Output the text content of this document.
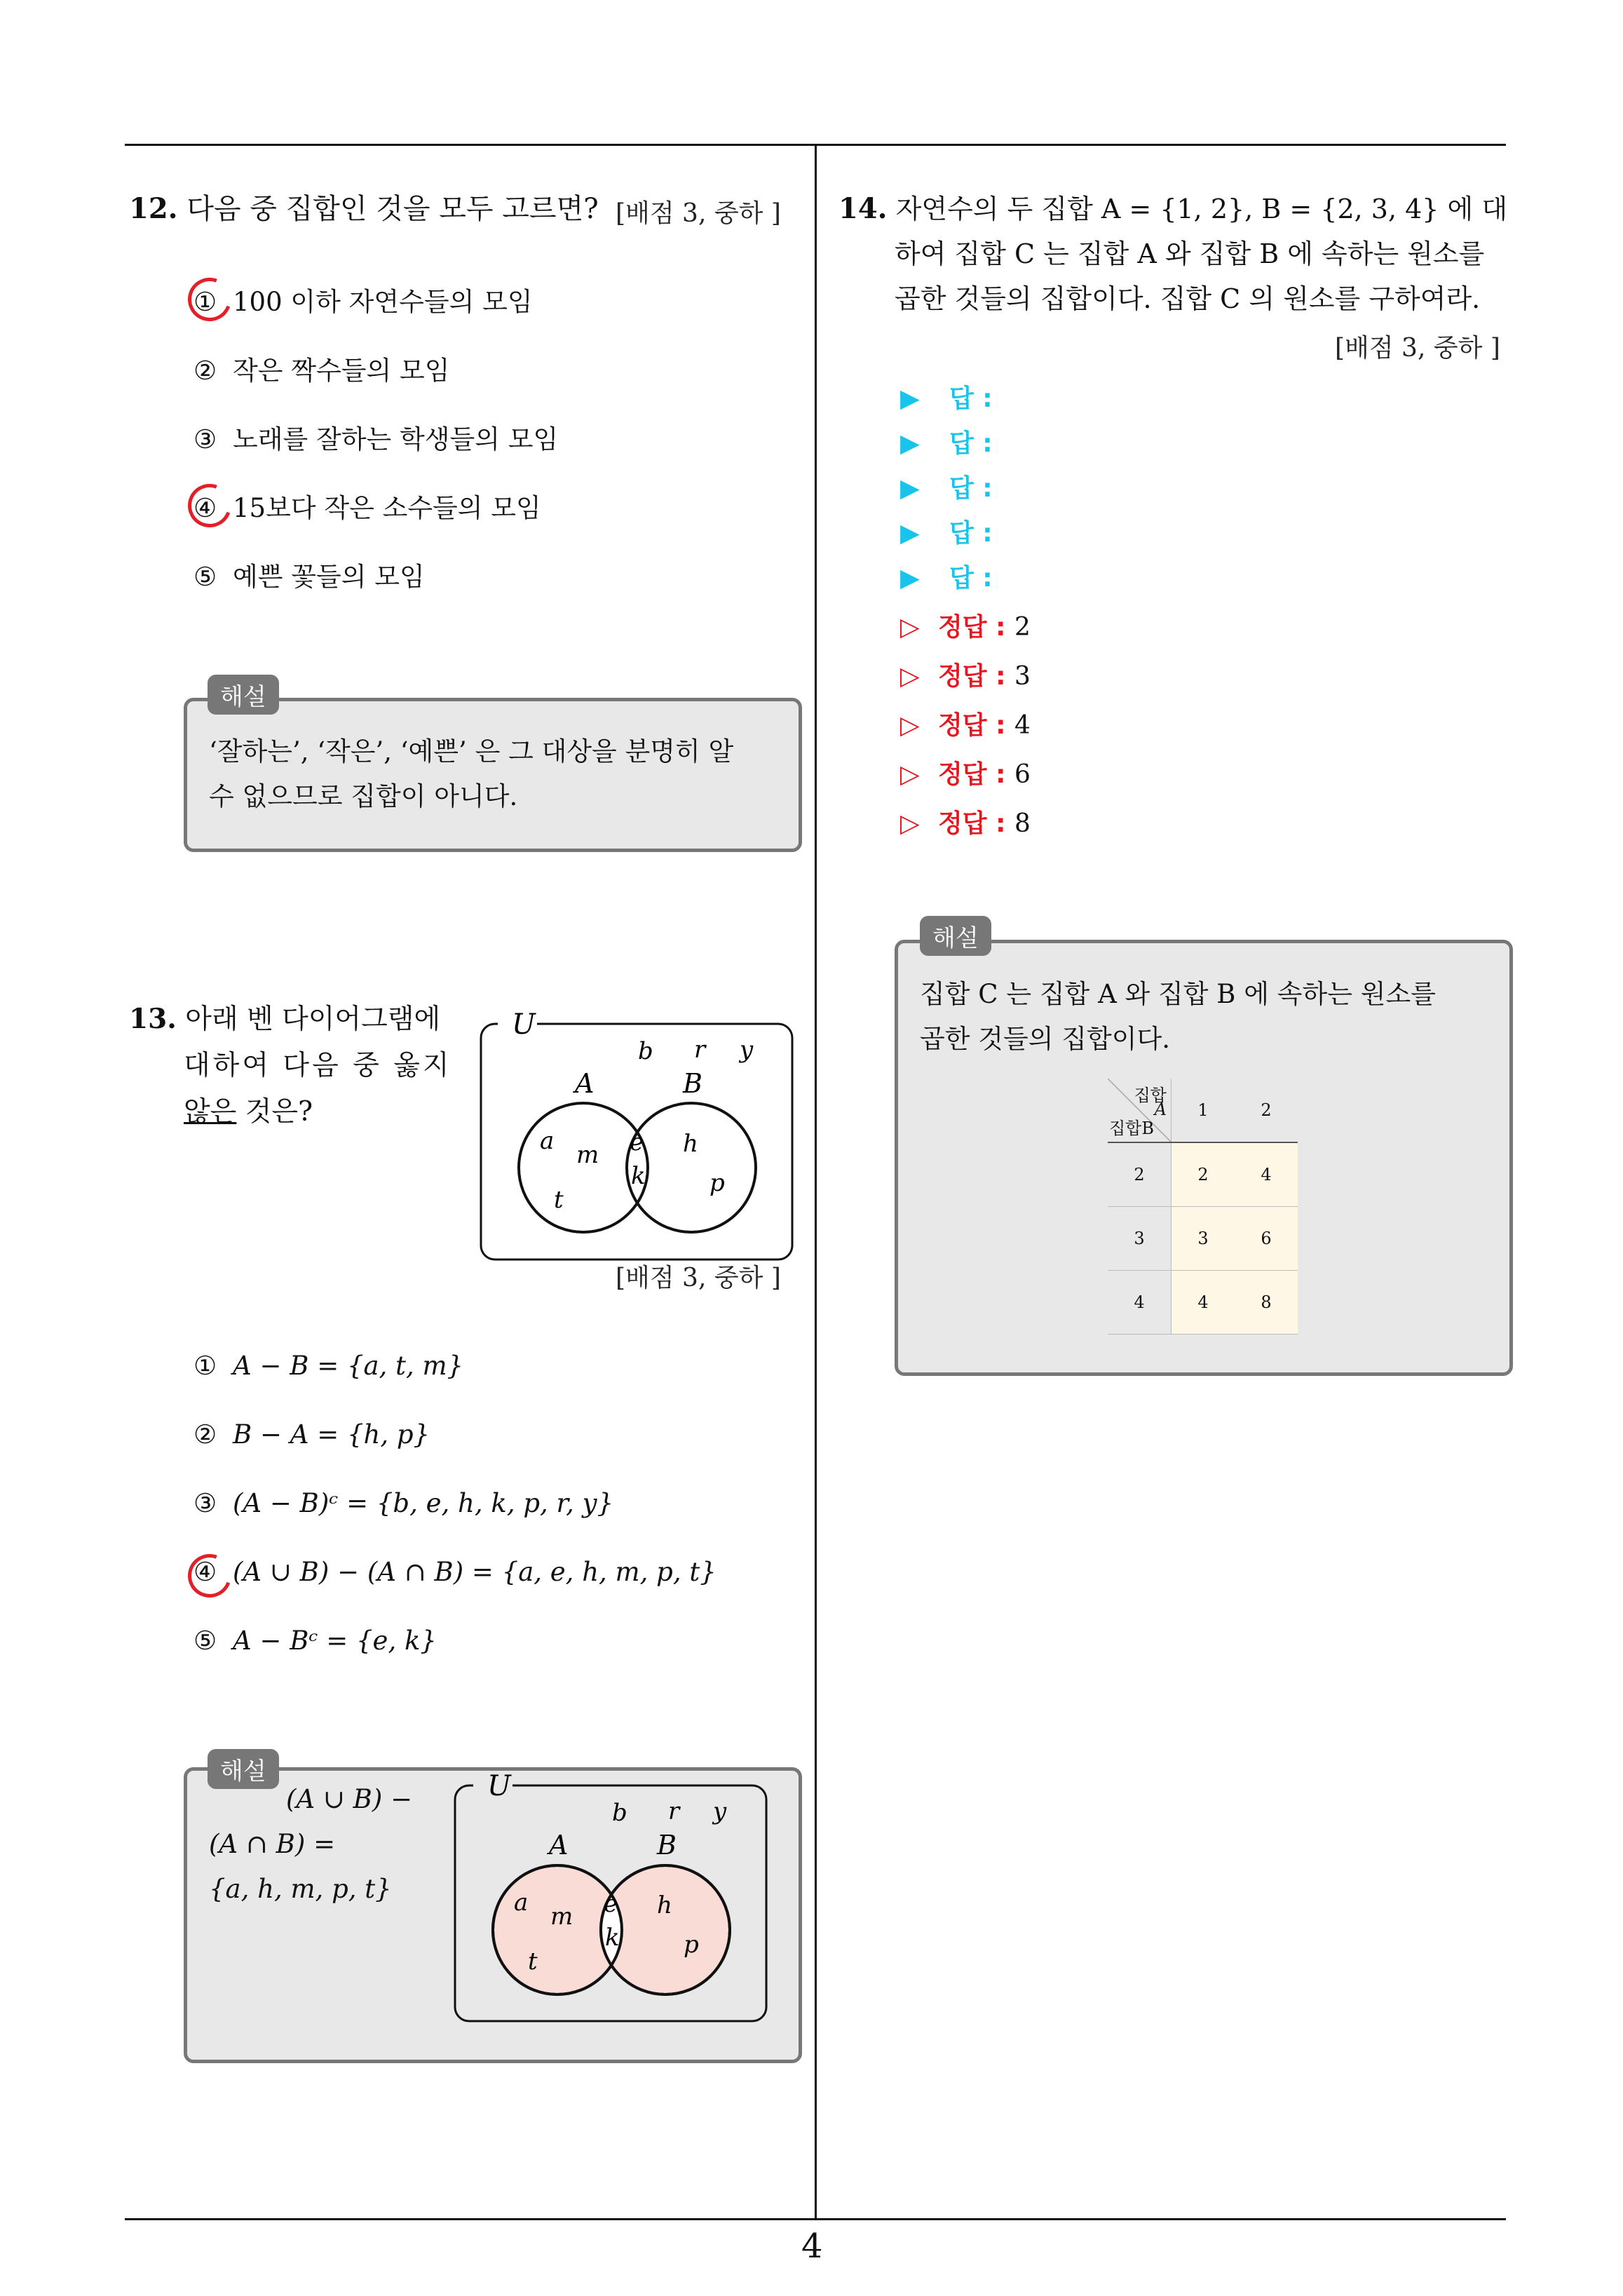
4
12. 다음 중 집합인 것을 모두 고르면? [배점 3, 중하 ]
① 100 이하 자연수들의 모임
② 작은 짝수들의 모임
③ 노래를 잘하는 학생들의 모임
④ 15보다 작은 소수들의 모임
⑤ 예쁜 꽃들의 모임
해설
‘잘하는’, ‘작은’, ‘예쁜’ 은 그 대상을 분명히 알
수 없으므로 집합이 아니다.
13. 아래 벤 다이어그램에
대하여 다음 중 옳지
않은 것은?
U
A	B
b r y
a m
t
e
k
h
p
[배점 3, 중하 ]
① A − B = {a, t, m}
② B − A = {h, p}
③ (A − B)ᶜ = {b, e, h, k, p, r, y}
④ (A ∪ B) − (A ∩ B) = {a, e, h, m, p, t}
⑤ A − Bᶜ = {e, k}
해설
(A ∪ B) −
(A ∩ B) =
{a, h, m, p, t}
U
A	B
b r y
a m
t
e
k
h
p
14. 자연수의 두 집합 A = {1, 2}, B = {2, 3, 4} 에 대
하여 집합 C 는 집합 A 와 집합 B 에 속하는 원소를
곱한 것들의 집합이다. 집합 C 의 원소를 구하여라.
[배점 3, 중하 ]
▶ 답 :
▶ 답 :
▶ 답 :
▶ 답 :
▶ 답 :
▷ 정답 : 2
▷ 정답 : 3
▷ 정답 : 4
▷ 정답 : 6
▷ 정답 : 8
해설
집합 C 는 집합 A 와 집합 B 에 속하는 원소를
곱한 것들의 집합이다.
집합
A
집합B	1	2
2	2	4
3	3	6
4	4	8
